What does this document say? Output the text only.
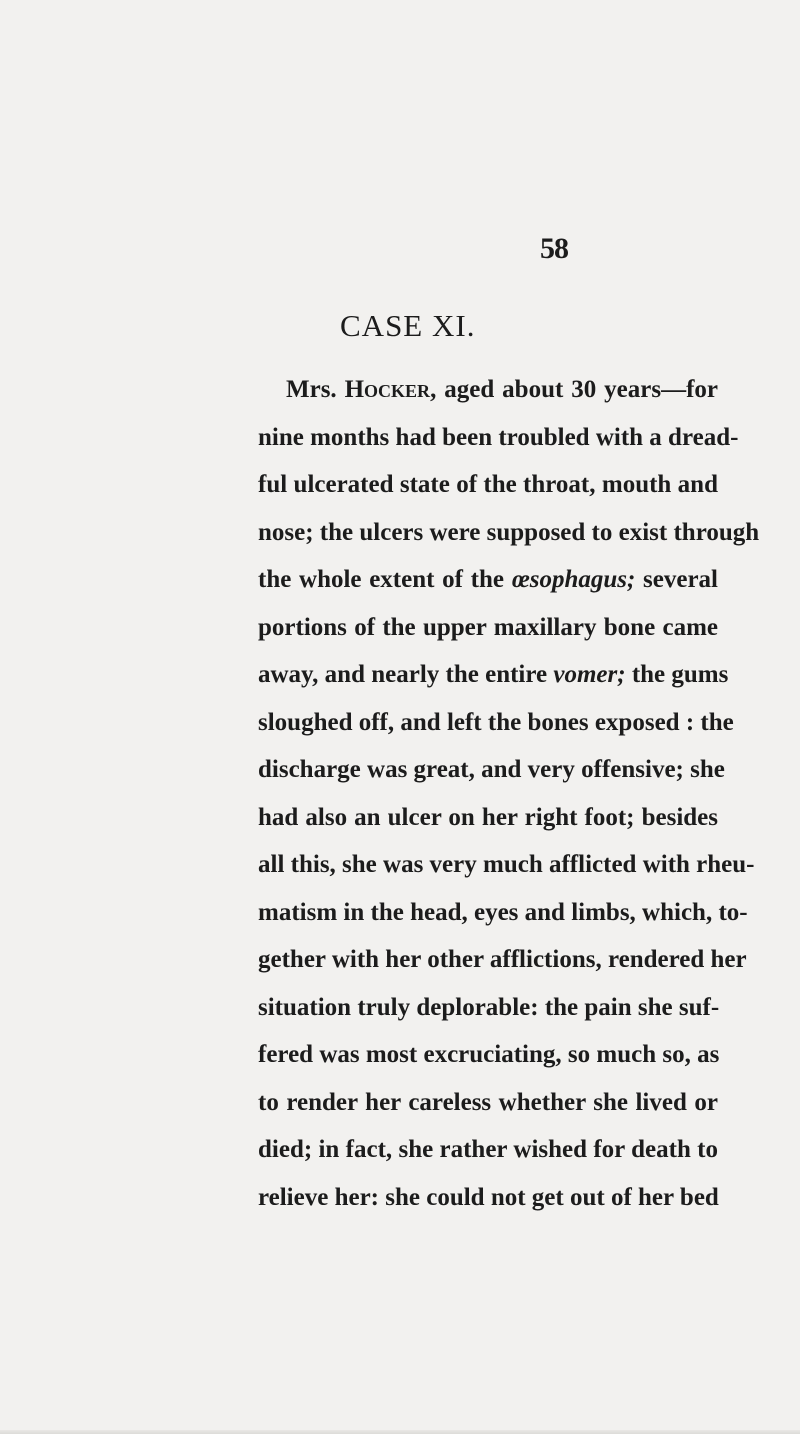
58
CASE XI.
Mrs. Hocker, aged about 30 years—for
nine months had been troubled with a dread-
ful ulcerated state of the throat, mouth and
nose; the ulcers were supposed to exist through
the whole extent of the œsophagus; several
portions of the upper maxillary bone came
away, and nearly the entire vomer; the gums
sloughed off, and left the bones exposed : the
discharge was great, and very offensive; she
had also an ulcer on her right foot; besides
all this, she was very much afflicted with rheu-
matism in the head, eyes and limbs, which, to-
gether with her other afflictions, rendered her
situation truly deplorable: the pain she suf-
fered was most excruciating, so much so, as
to render her careless whether she lived or
died; in fact, she rather wished for death to
relieve her: she could not get out of her bed
